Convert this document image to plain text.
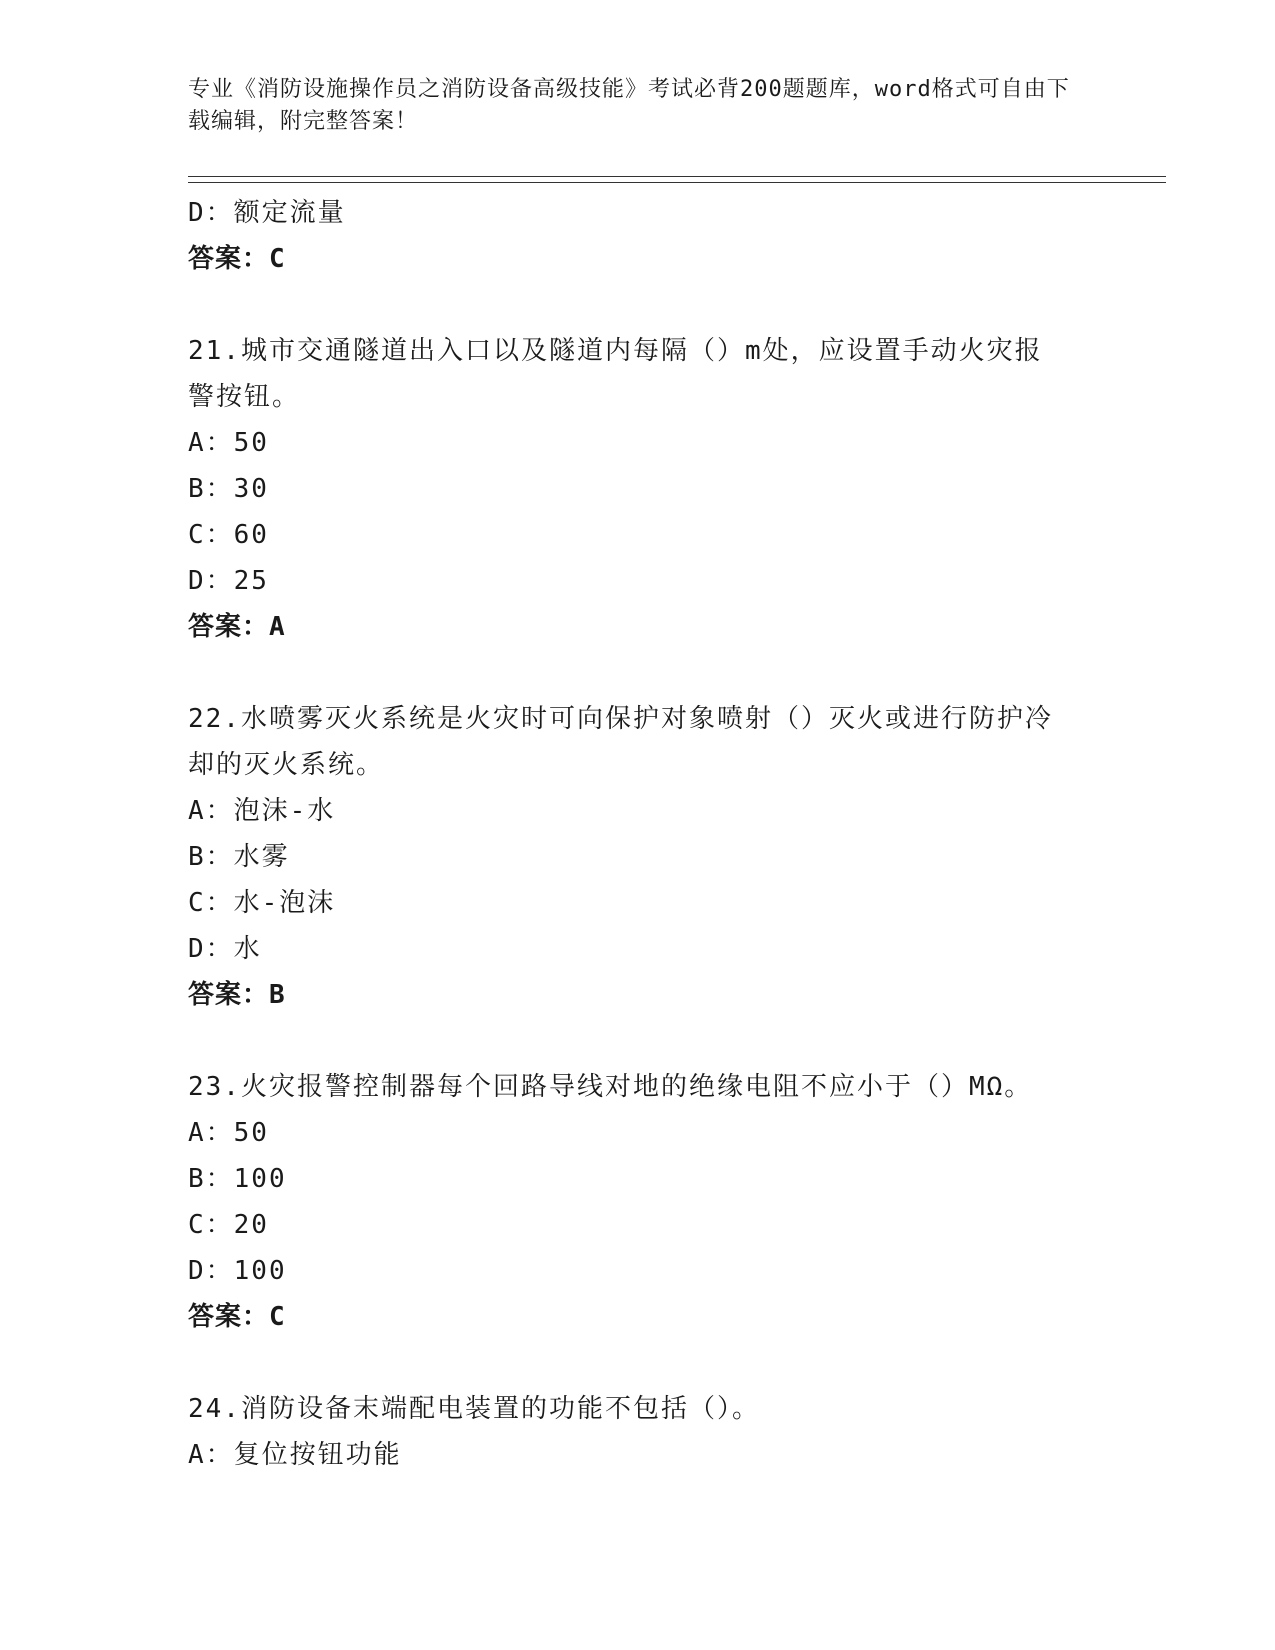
专业《消防设施操作员之消防设备高级技能》考试必背200题题库，word格式可自由下载编辑，附完整答案！

D：额定流量

答案：C

21.城市交通隧道出入口以及隧道内每隔（）m处，应设置手动火灾报

警按钮。

A：50

B：30

C：60

D：25

答案：A

22.水喷雾灭火系统是火灾时可向保护对象喷射（）灭火或进行防护冷

却的灭火系统。

A：泡沫-水

B：水雾

C：水-泡沫

D：水

答案：B

23.火灾报警控制器每个回路导线对地的绝缘电阻不应小于（）MΩ。

A：50

B：100

C：20

D：100

答案：C

24.消防设备末端配电装置的功能不包括（）。

A：复位按钮功能
